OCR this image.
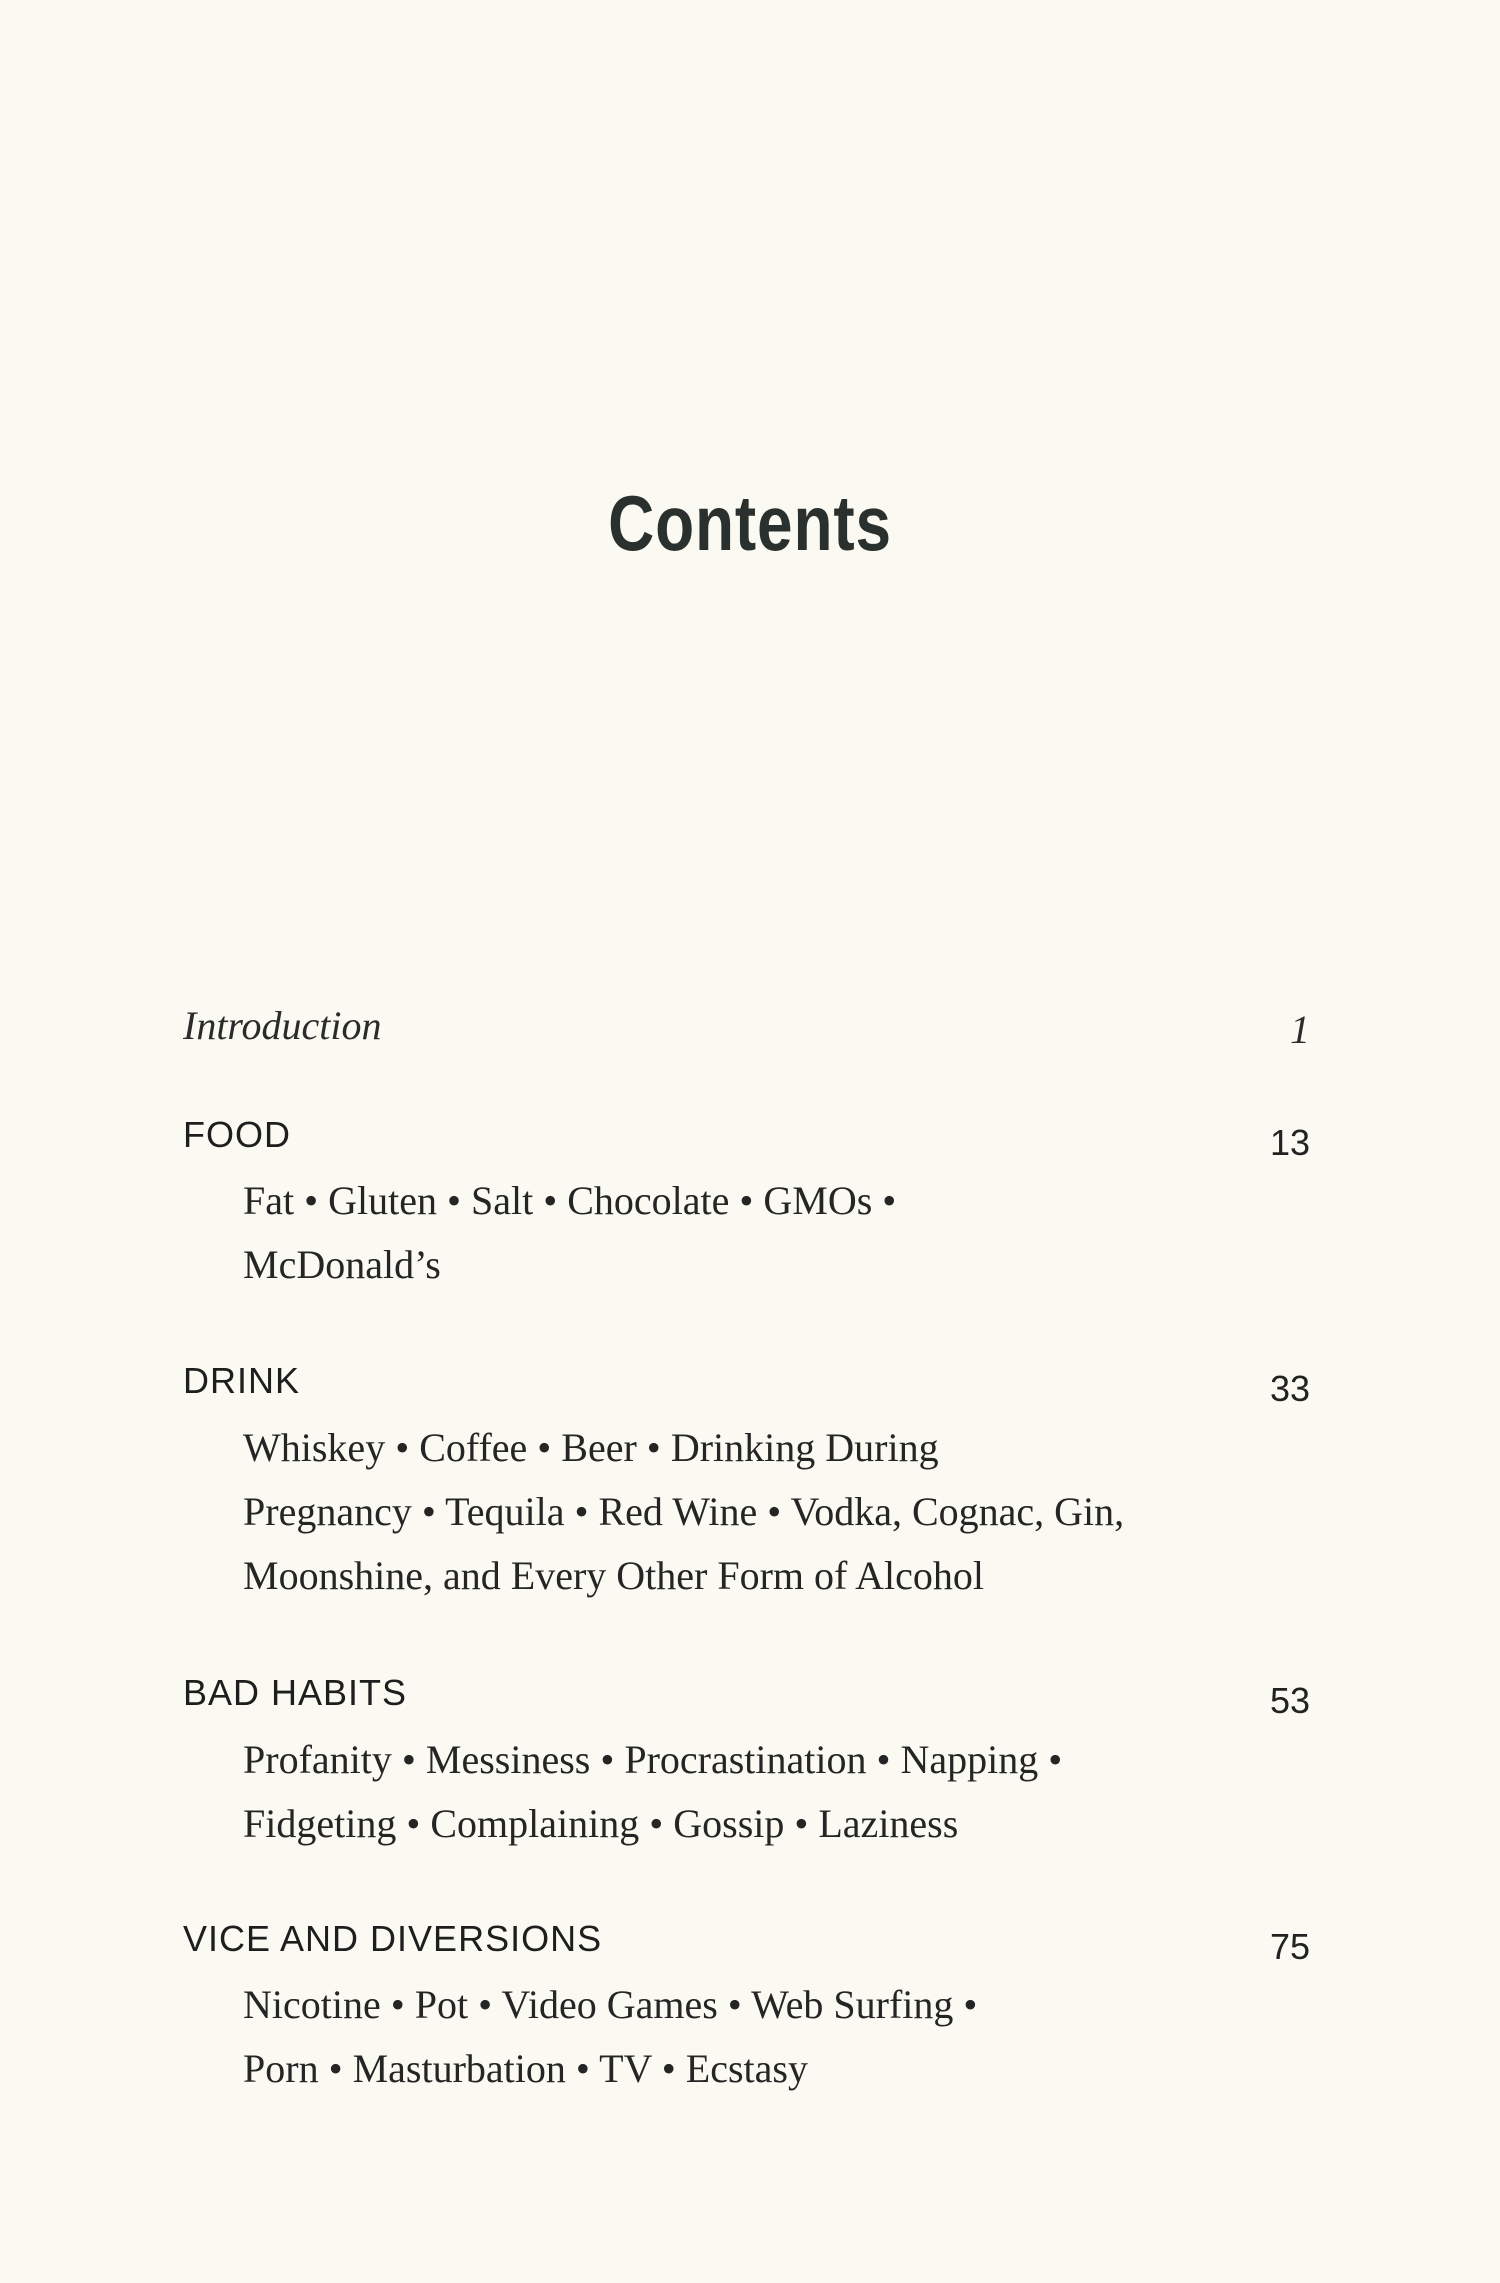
Contents
Introduction	1
FOOD	13
Fat • Gluten • Salt • Chocolate • GMOs •
McDonald’s
DRINK	33
Whiskey • Coffee • Beer • Drinking During
Pregnancy • Tequila • Red Wine • Vodka, Cognac, Gin,
Moonshine, and Every Other Form of Alcohol
BAD HABITS	53
Profanity • Messiness • Procrastination • Napping •
Fidgeting • Complaining • Gossip • Laziness
VICE AND DIVERSIONS	75
Nicotine • Pot • Video Games • Web Surfing •
Porn • Masturbation • TV • Ecstasy
